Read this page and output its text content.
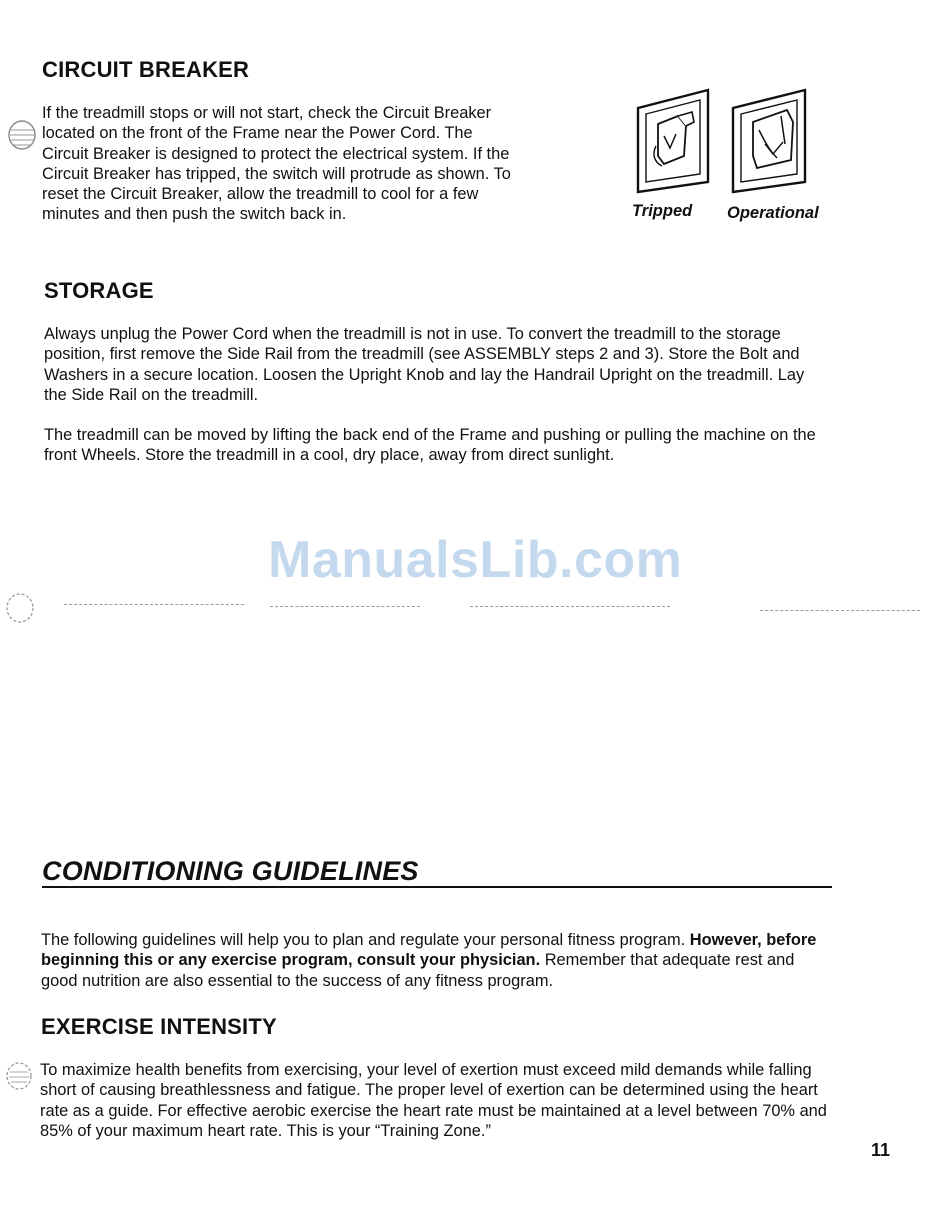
CIRCUIT BREAKER

If the treadmill stops or will not start, check the Circuit Breaker located on the front of the Frame near the Power Cord. The Circuit Breaker is designed to protect the electrical system. If the Circuit Breaker has tripped, the switch will protrude as shown. To reset the Circuit Breaker, allow the treadmill to cool for a few minutes and then push the switch back in.	Tripped Operational
STORAGE

Always unplug the Power Cord when the treadmill is not in use. To convert the treadmill to the storage position, first remove the Side Rail from the treadmill (see ASSEMBLY steps 2 and 3). Store the Bolt and Washers in a secure location. Loosen the Upright Knob and lay the Handrail Upright on the treadmill. Lay the Side Rail on the treadmill.

The treadmill can be moved by lifting the back end of the Frame and pushing or pulling the machine on the front Wheels. Store the treadmill in a cool, dry place, away from direct sunlight.

ManualsLib.com
CONDITIONING GUIDELINES

The following guidelines will help you to plan and regulate your personal fitness program. However, before beginning this or any exercise program, consult your physician. Remember that adequate rest and good nutrition are also essential to the success of any fitness program.

EXERCISE INTENSITY

To maximize health benefits from exercising, your level of exertion must exceed mild demands while falling short of causing breathlessness and fatigue. The proper level of exertion can be determined using the heart rate as a guide. For effective aerobic exercise the heart rate must be maintained at a level between 70% and 85% of your maximum heart rate. This is your “Training Zone.”

11
